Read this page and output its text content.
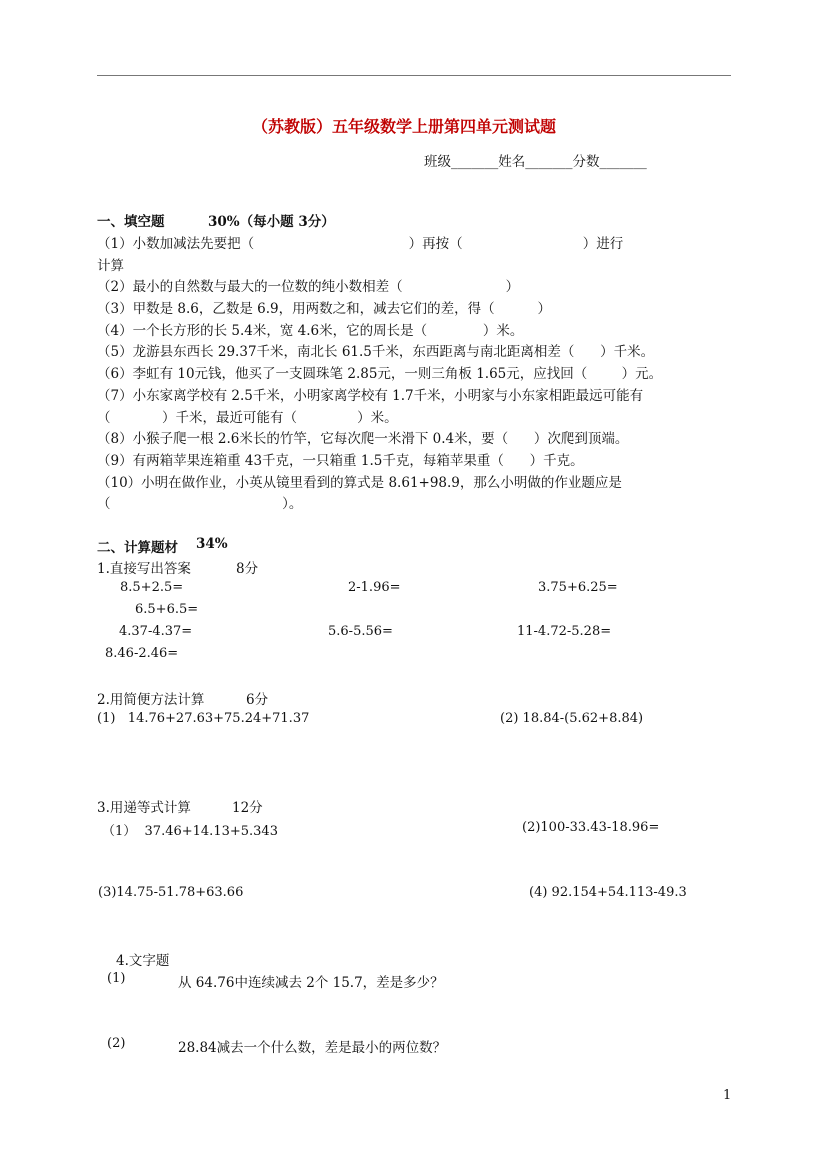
（苏教版）五年级数学上册第四单元测试题
班级_______姓名_______分数_______
一、填空题	30%（每小题 3分）
（1）小数加减法先要把（                                    ）再按（                            ）进行
计算
（2）最小的自然数与最大的一位数的纯小数相差（                        ）
（3）甲数是 8.6，乙数是 6.9，用两数之和，减去它们的差，得（          ）
（4）一个长方形的长 5.4米，宽 4.6米，它的周长是（             ）米。
（5）龙游县东西长 29.37千米，南北长 61.5千米，东西距离与南北距离相差（      ）千米。
（6）李虹有 10元钱，他买了一支圆珠笔 2.85元，一则三角板 1.65元，应找回（        ）元。
（7）小东家离学校有 2.5千米，小明家离学校有 1.7千米，小明家与小东家相距最远可能有
（            ）千米，最近可能有（              ）米。
（8）小猴子爬一根 2.6米长的竹竿，它每次爬一米滑下 0.4米，要（      ）次爬到顶端。
（9）有两箱苹果连箱重 43千克，一只箱重 1.5千克，每箱苹果重（      ）千克。
（10）小明在做作业，小英从镜里看到的算式是 8.61+98.9，那么小明做的作业题应是
（                                        ）。
二、计算题材 34%
1.直接写出答案	8分
8.5+2.5=	2-1.96=	3.75+6.25=
6.5+6.5=
4.37-4.37=	5.6-5.56=	11-4.72-5.28=
8.46-2.46=
2.用简便方法计算	6分
(1)   14.76+27.63+75.24+71.37	(2) 18.84-(5.62+8.84)
3.用递等式计算	12分
（1）  37.46+14.13+5.343	(2)100-33.43-18.96=
(3)14.75-51.78+63.66	(4) 92.154+54.113-49.3
4.文字题
(1)	从 64.76中连续减去 2个 15.7，差是多少？
(2)	28.84减去一个什么数，差是最小的两位数？
1
